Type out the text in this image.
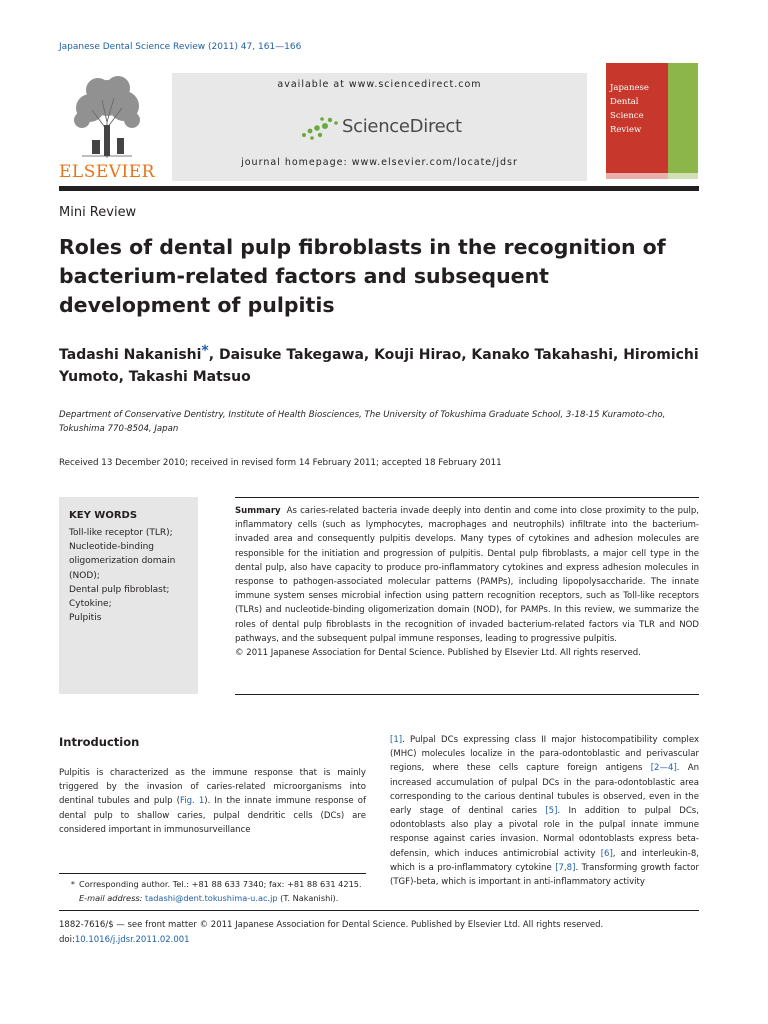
Japanese Dental Science Review (2011) 47, 161—166
ELSEVIER
available at www.sciencedirect.com
ScienceDirect
journal homepage: www.elsevier.com/locate/jdsr
Japanese
Dental
Science
Review
Mini Review
Roles of dental pulp fibroblasts in the recognition of bacterium-related factors and subsequent development of pulpitis
Tadashi Nakanishi*, Daisuke Takegawa, Kouji Hirao, Kanako Takahashi, Hiromichi Yumoto, Takashi Matsuo
Department of Conservative Dentistry, Institute of Health Biosciences, The University of Tokushima Graduate School, 3-18-15 Kuramoto-cho, Tokushima 770-8504, Japan
Received 13 December 2010; received in revised form 14 February 2011; accepted 18 February 2011
KEY WORDS
Toll-like receptor (TLR);
Nucleotide-binding oligomerization domain (NOD);
Dental pulp fibroblast;
Cytokine;
Pulpitis
Summary As caries-related bacteria invade deeply into dentin and come into close proximity to the pulp, inflammatory cells (such as lymphocytes, macrophages and neutrophils) infiltrate into the bacterium-invaded area and consequently pulpitis develops. Many types of cytokines and adhesion molecules are responsible for the initiation and progression of pulpitis. Dental pulp fibroblasts, a major cell type in the dental pulp, also have capacity to produce pro-inflammatory cytokines and express adhesion molecules in response to pathogen-associated molecular patterns (PAMPs), including lipopolysaccharide. The innate immune system senses microbial infection using pattern recognition receptors, such as Toll-like receptors (TLRs) and nucleotide-binding oligomerization domain (NOD), for PAMPs. In this review, we summarize the roles of dental pulp fibroblasts in the recognition of invaded bacterium-related factors via TLR and NOD pathways, and the subsequent pulpal immune responses, leading to progressive pulpitis.
© 2011 Japanese Association for Dental Science. Published by Elsevier Ltd. All rights reserved.
Introduction
Pulpitis is characterized as the immune response that is mainly triggered by the invasion of caries-related microorganisms into dentinal tubules and pulp (Fig. 1). In the innate immune response of dental pulp to shallow caries, pulpal dendritic cells (DCs) are considered important in immunosurveillance
[1]. Pulpal DCs expressing class II major histocompatibility complex (MHC) molecules localize in the para-odontoblastic and perivascular regions, where these cells capture foreign antigens [2—4]. An increased accumulation of pulpal DCs in the para-odontoblastic area corresponding to the carious dentinal tubules is observed, even in the early stage of dentinal caries [5]. In addition to pulpal DCs, odontoblasts also play a pivotal role in the pulpal innate immune response against caries invasion. Normal odontoblasts express beta-defensin, which induces antimicrobial activity [6], and interleukin-8, which is a pro-inflammatory cytokine [7,8]. Transforming growth factor (TGF)-beta, which is important in anti-inflammatory activity
* Corresponding author. Tel.: +81 88 633 7340; fax: +81 88 631 4215.
E-mail address: tadashi@dent.tokushima-u.ac.jp (T. Nakanishi).
1882-7616/$ — see front matter © 2011 Japanese Association for Dental Science. Published by Elsevier Ltd. All rights reserved.
doi:10.1016/j.jdsr.2011.02.001
